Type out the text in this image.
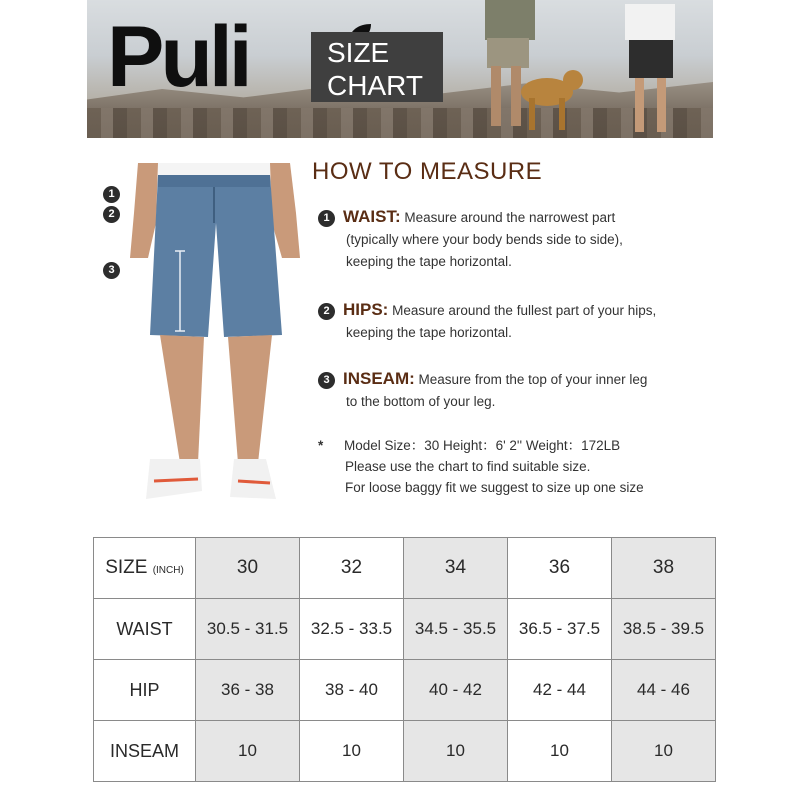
Puli	SIZE
CHART
1
2
3
HOW TO MEASURE
1 WAIST: Measure around the narrowest part
(typically where your body bends side to side),
keeping the tape horizontal.
2 HIPS: Measure around the fullest part of your hips,
keeping the tape horizontal.
3 INSEAM: Measure from the top of your inner leg
to the bottom of your leg.
* Model Size：30 Height：6' 2'' Weight：172LB
Please use the chart to find suitable size.
For loose baggy fit we suggest to size up one size
SIZE (INCH)	30	32	34	36	38
WAIST	30.5 - 31.5	32.5 - 33.5	34.5 - 35.5	36.5 - 37.5	38.5 - 39.5
HIP	36 - 38	38 - 40	40 - 42	42 - 44	44 - 46
INSEAM	10	10	10	10	10
